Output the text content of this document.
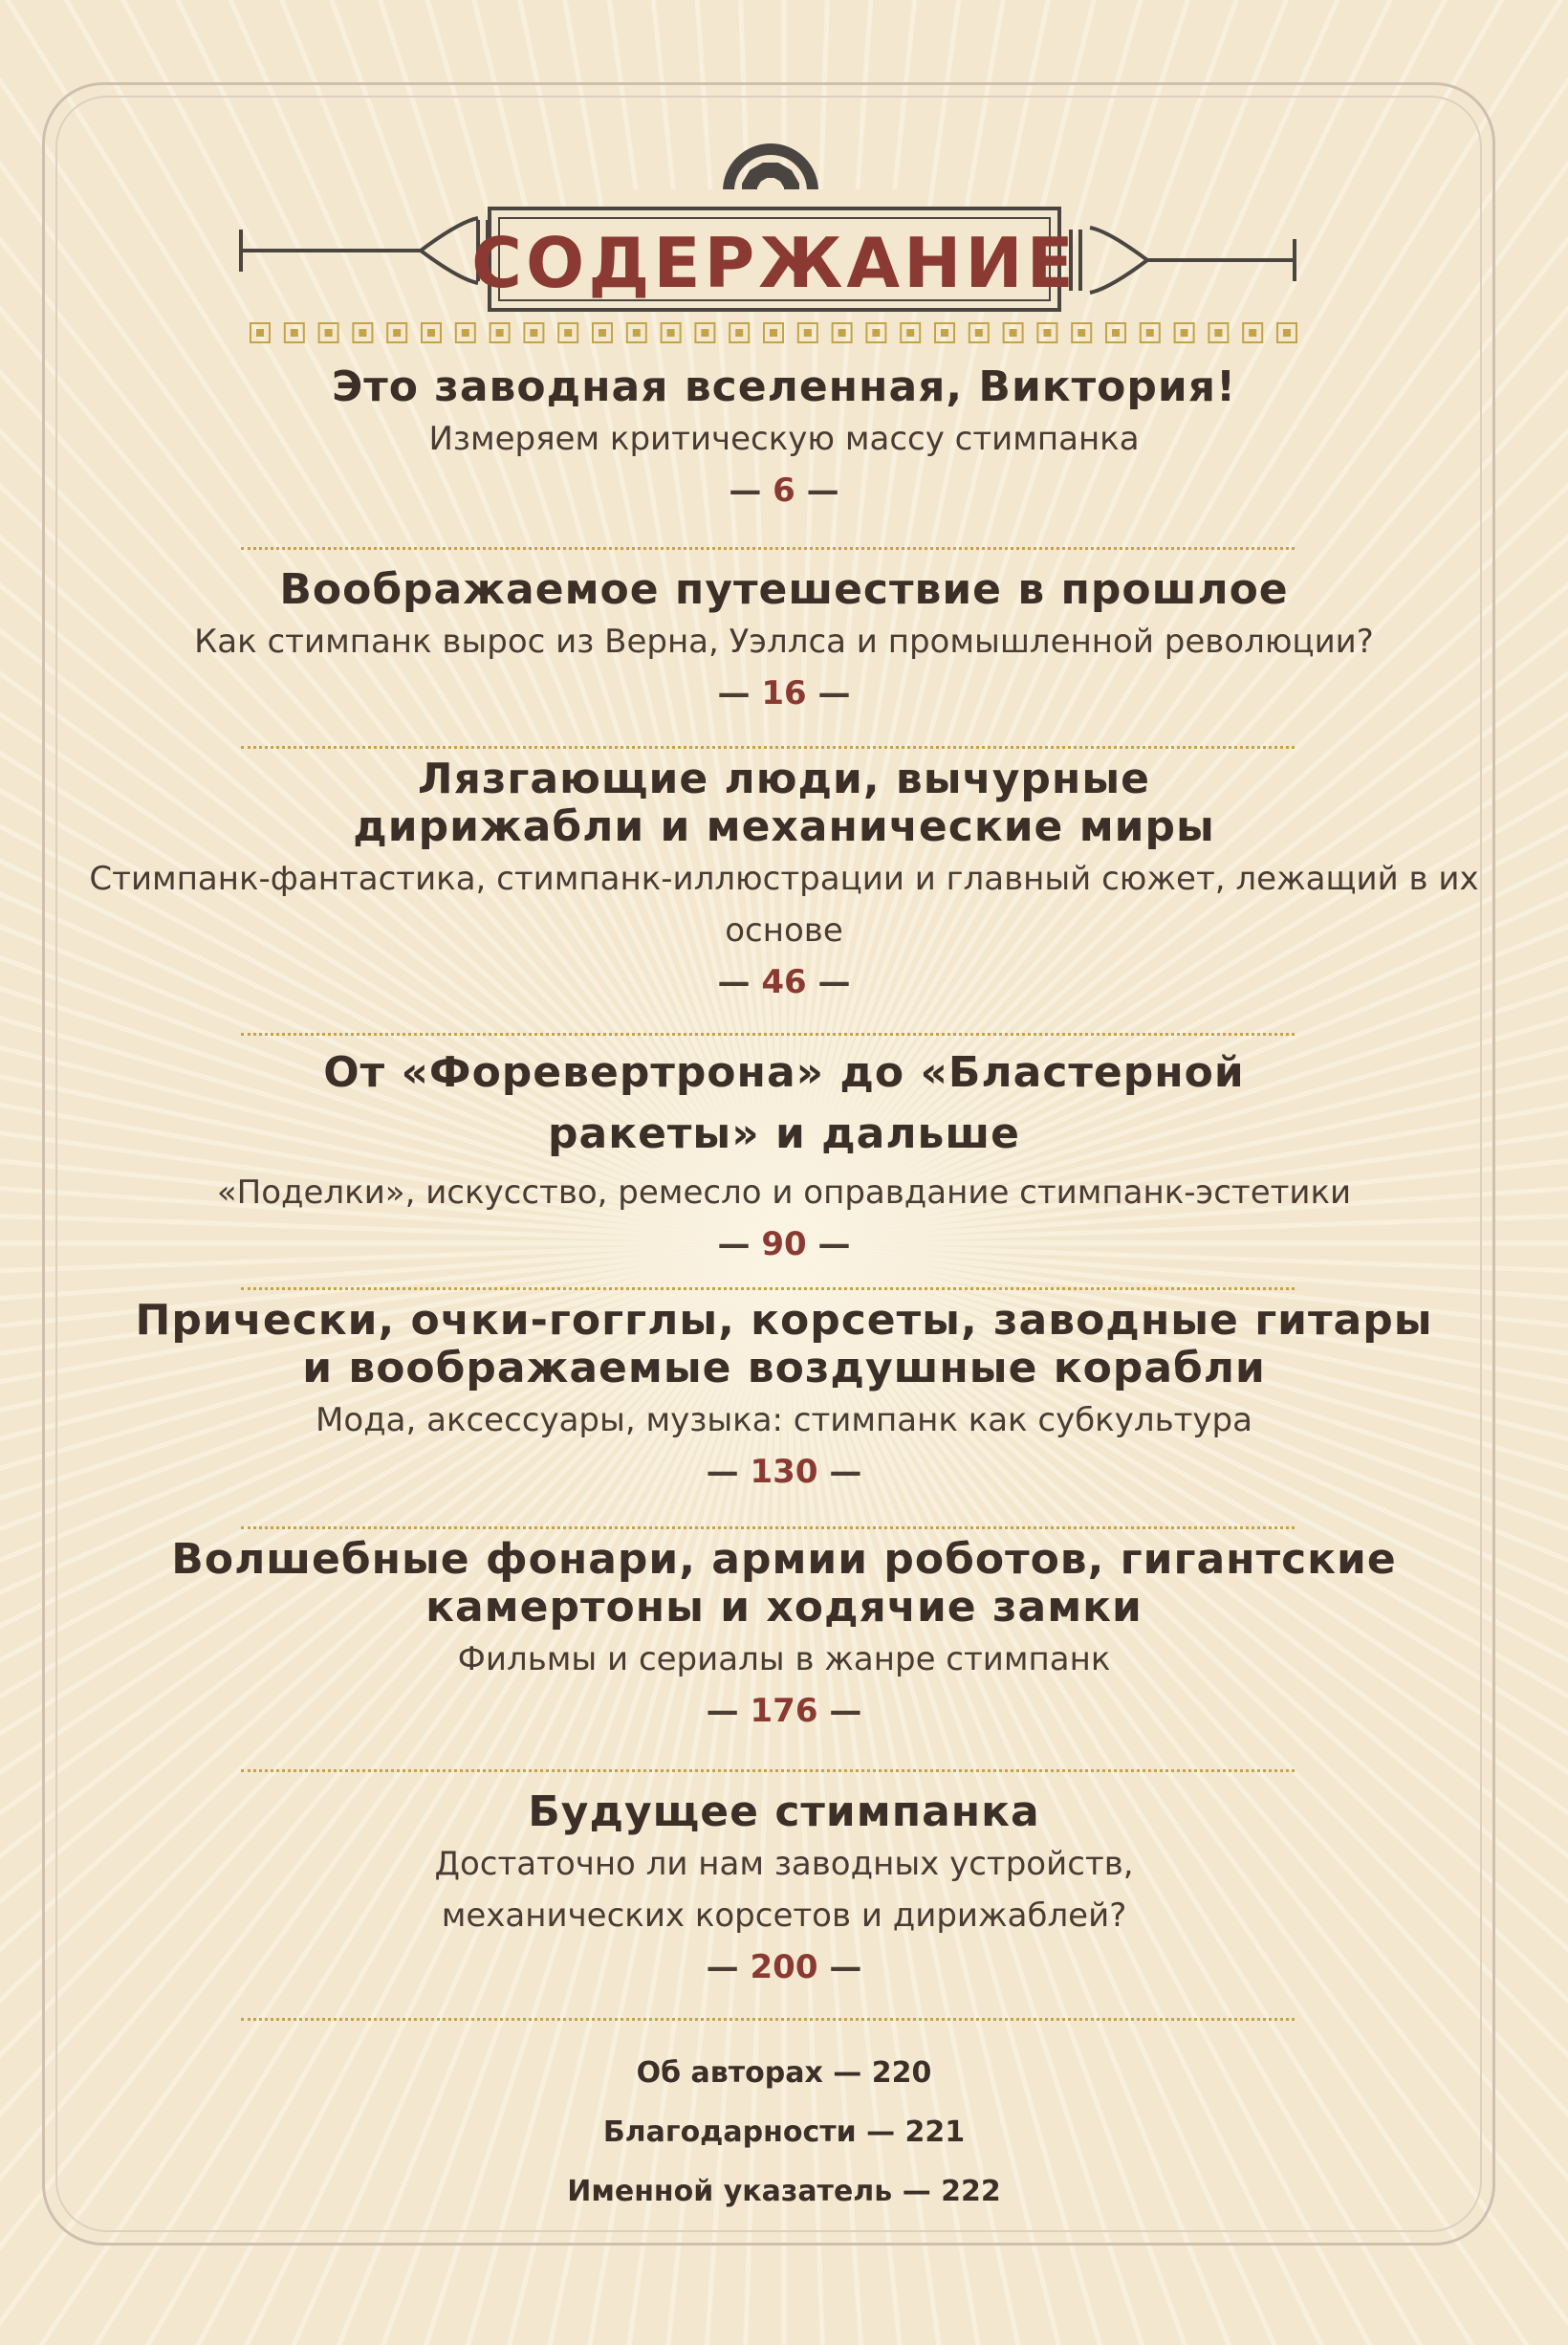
СОДЕРЖАНИЕ
Это заводная вселенная, Виктория!
Измеряем критическую массу стимпанка
— 6 —
Воображаемое путешествие в прошлое
Как стимпанк вырос из Верна, Уэллса и промышленной революции?
— 16 —
Лязгающие люди, вычурные дирижабли и механические миры
Стимпанк-фантастика, стимпанк-иллюстрации и главный сюжет, лежащий в их основе
— 46 —
От «Форевертрона» до «Бластерной ракеты» и дальше
«Поделки», искусство, ремесло и оправдание стимпанк-эстетики
— 90 —
Прически, очки-гогглы, корсеты, заводные гитары и воображаемые воздушные корабли
Мода, аксессуары, музыка: стимпанк как субкультура
— 130 —
Волшебные фонари, армии роботов, гигантские камертоны и ходячие замки
Фильмы и сериалы в жанре стимпанк
— 176 —
Будущее стимпанка
Достаточно ли нам заводных устройств, механических корсетов и дирижаблей?
— 200 —
Об авторах — 220
Благодарности — 221
Именной указатель — 222
